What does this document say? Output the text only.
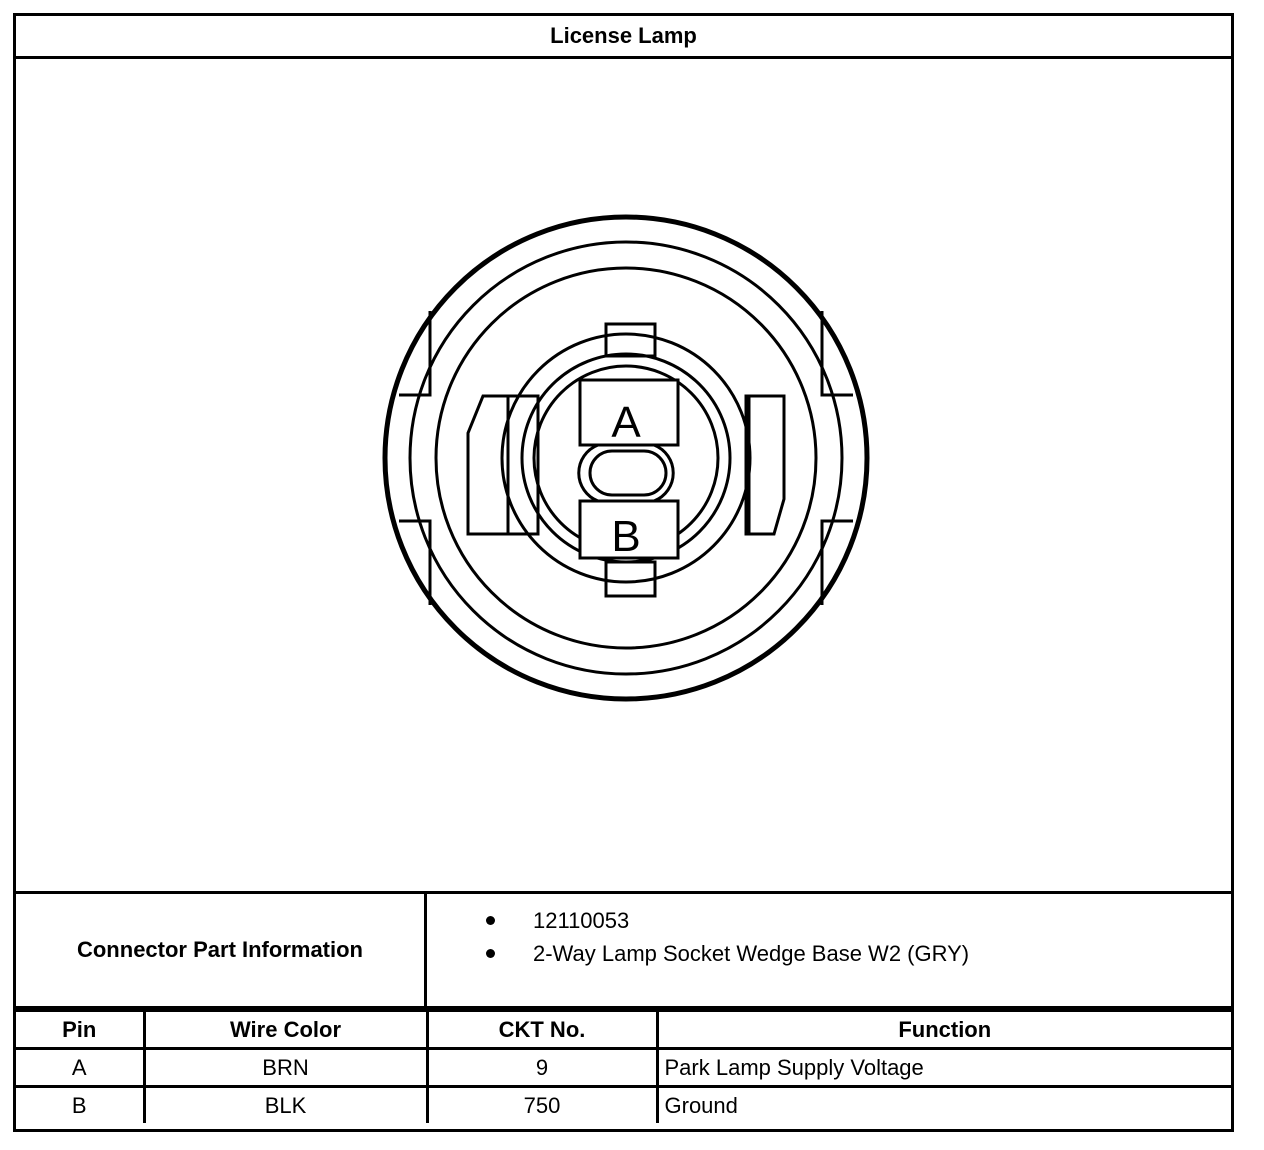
License Lamp
A
B
Connector Part Information
12110053
2-Way Lamp Socket Wedge Base W2 (GRY)
Pin	Wire Color	CKT No.	Function
A	BRN	9	Park Lamp Supply Voltage
B	BLK	750	Ground
